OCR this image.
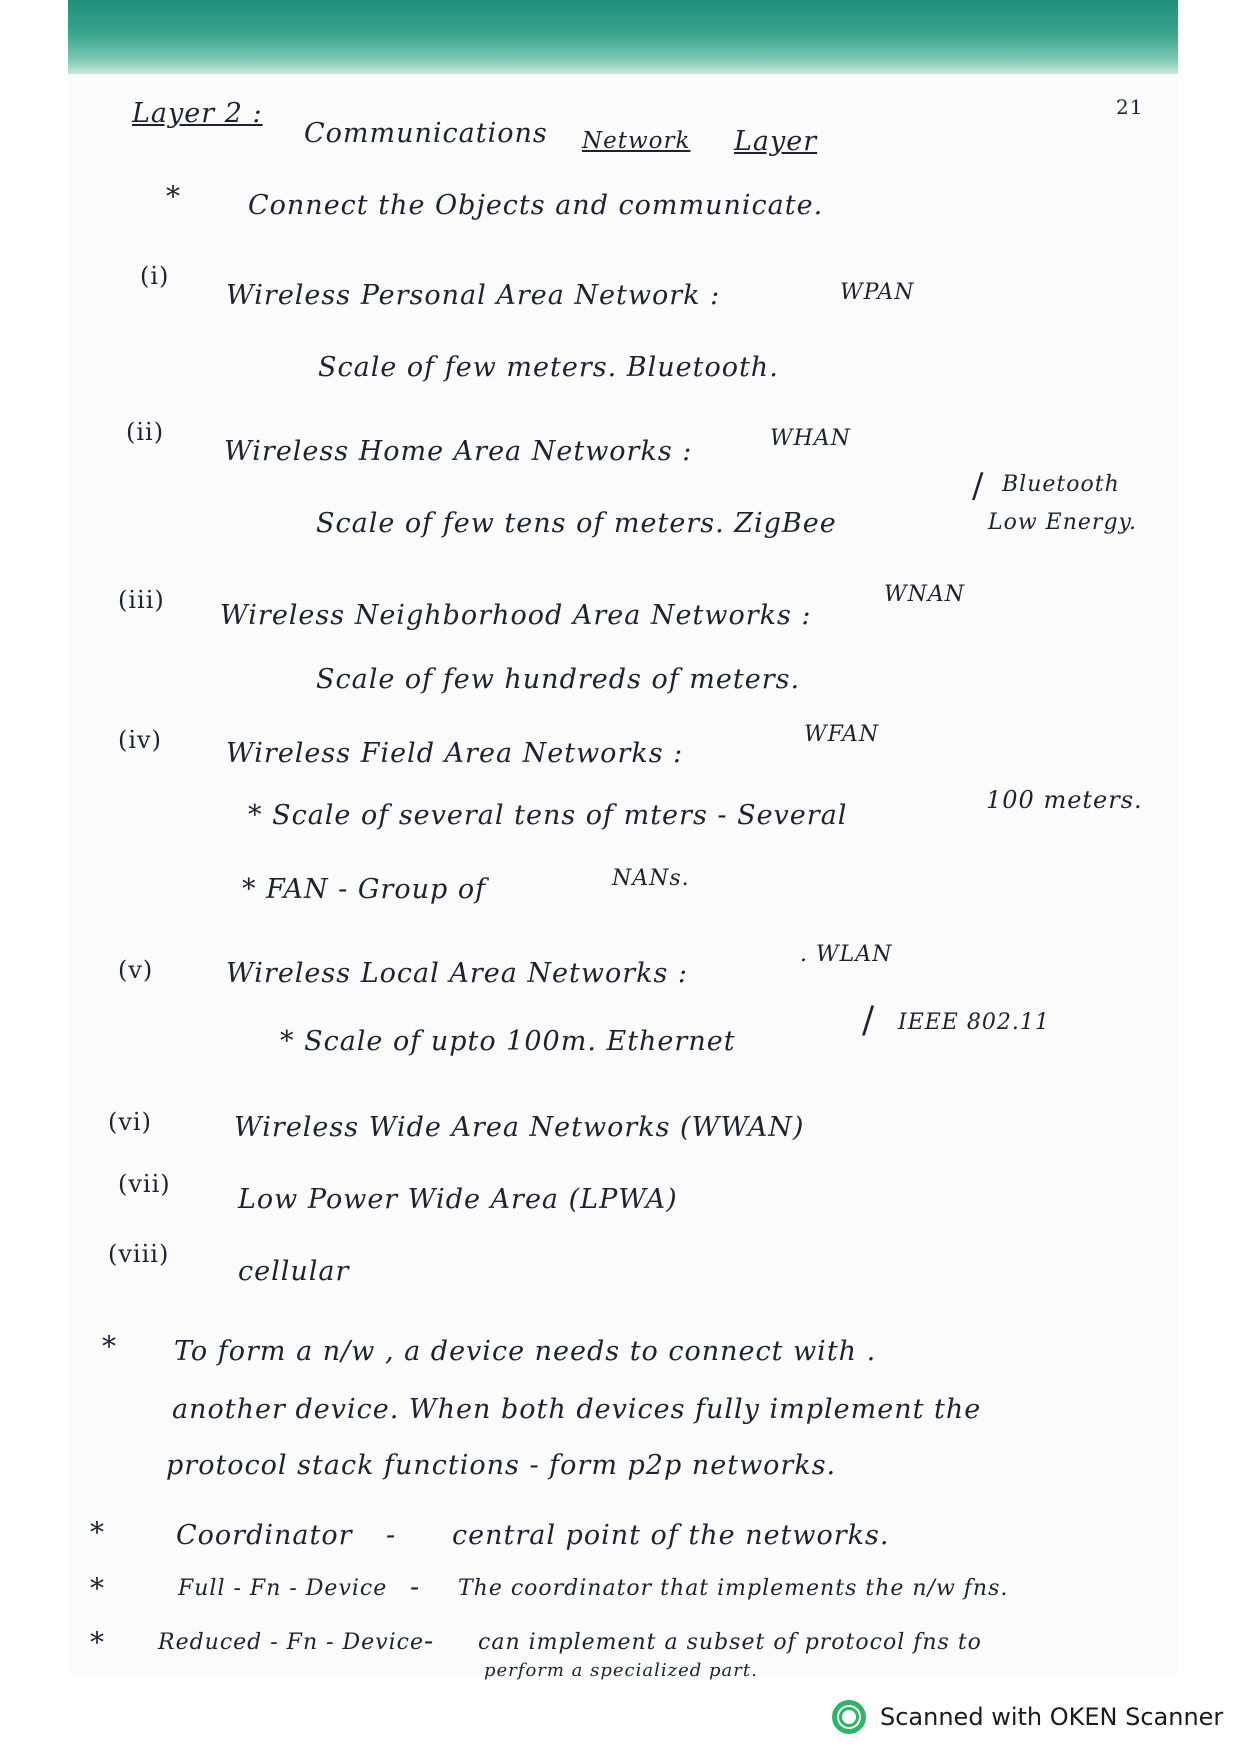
21
Layer 2 :
Communications Network Layer
* Connect the Objects and communicate.
(i)
Wireless Personal Area Network :	WPAN
Scale of few meters. Bluetooth.
(ii)
Wireless Home Area Networks :	WHAN
Scale of few tens of meters. ZigBee
/ Bluetooth
Low Energy.
(iii) Wireless Neighborhood Area Networks :
WNAN
Scale of few hundreds of meters.
(iv) Wireless Field Area Networks :
WFAN
* Scale of several tens of mters - Several	100 meters.
* FAN - Group of	NANs.
(v)	Wireless Local Area Networks :
. WLAN
* Scale of upto 100m. Ethernet
/ IEEE 802.11
(vi)	Wireless Wide Area Networks (WWAN)
(vii) Low Power Wide Area (LPWA)
(viii)
cellular
* To form a n/w , a device needs to connect with .
another device. When both devices fully implement the
protocol stack functions - form p2p networks.
*	Coordinator - central point of the networks.
*	Full - Fn - Device - The coordinator that implements the n/w fns.
* Reduced - Fn - Device - can implement a subset of protocol fns to
perform a specialized part.
Scanned with OKEN Scanner
